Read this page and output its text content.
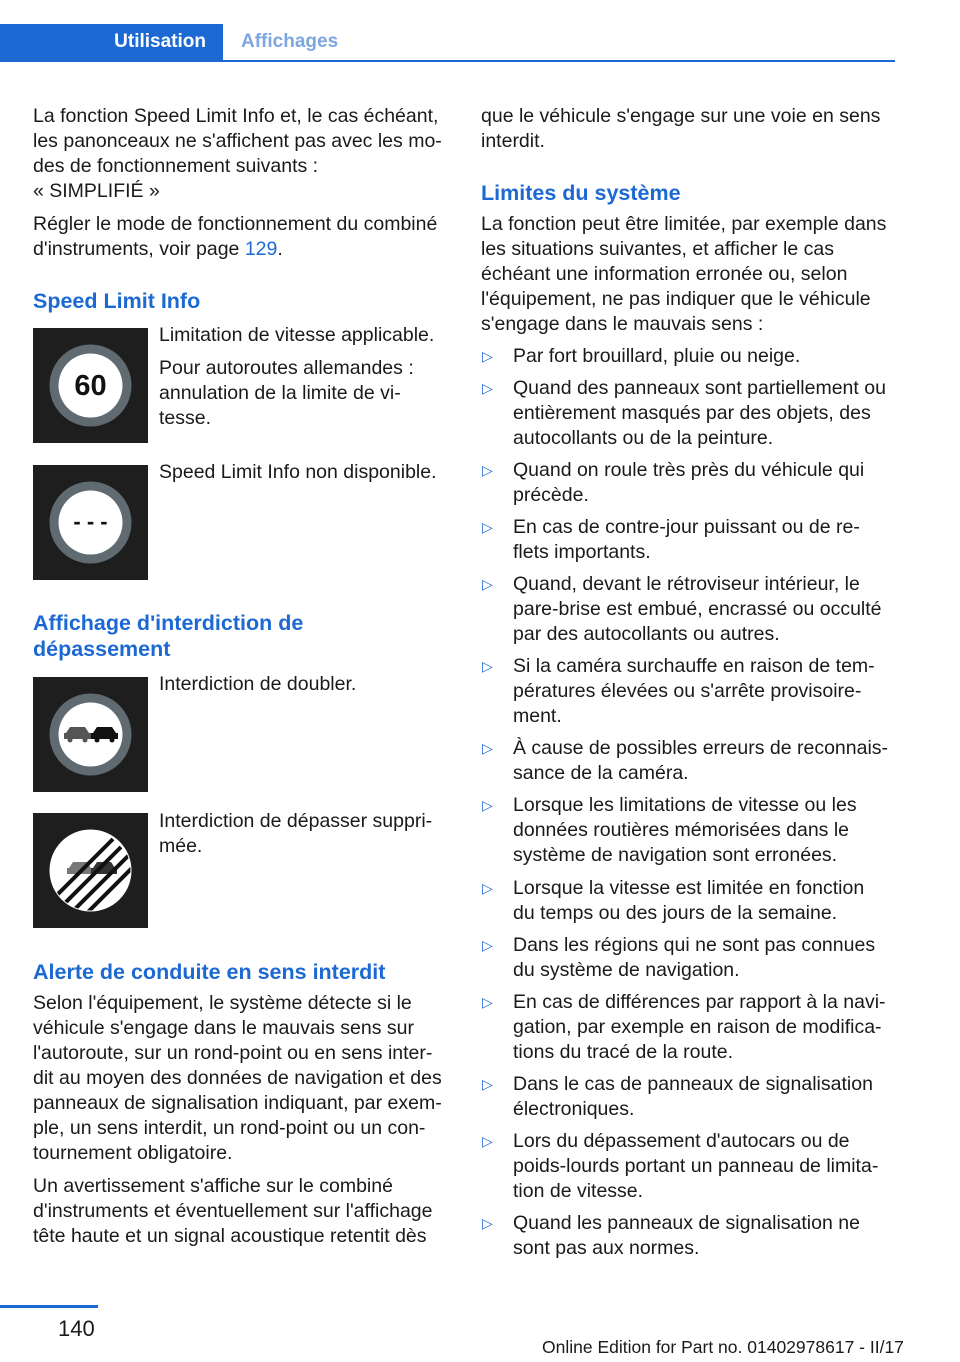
Utilisation	Affichages
La fonction Speed Limit Info et, le cas échéant,
les panonceaux ne s'affichent pas avec les mo-
des de fonctionnement suivants :
« SIMPLIFIÉ »
Régler le mode de fonctionnement du combiné
d'instruments, voir page 129.
Speed Limit Info
60
Limitation de vitesse applicable.
Pour autoroutes allemandes :
annulation de la limite de vi-
tesse.
- - -
Speed Limit Info non disponible.
Affichage d'interdiction de
dépassement
Interdiction de doubler.
Interdiction de dépasser suppri-
mée.
Alerte de conduite en sens interdit
Selon l'équipement, le système détecte si le
véhicule s'engage dans le mauvais sens sur
l'autoroute, sur un rond-point ou en sens inter-
dit au moyen des données de navigation et des
panneaux de signalisation indiquant, par exem-
ple, un sens interdit, un rond-point ou un con-
tournement obligatoire.
Un avertissement s'affiche sur le combiné
d'instruments et éventuellement sur l'affichage
tête haute et un signal acoustique retentit dès
que le véhicule s'engage sur une voie en sens
interdit.
Limites du système
La fonction peut être limitée, par exemple dans
les situations suivantes, et afficher le cas
échéant une information erronée ou, selon
l'équipement, ne pas indiquer que le véhicule
s'engage dans le mauvais sens :
▷ Par fort brouillard, pluie ou neige.
▷ Quand des panneaux sont partiellement ou
entièrement masqués par des objets, des
autocollants ou de la peinture.
▷ Quand on roule très près du véhicule qui
précède.
▷ En cas de contre-jour puissant ou de re-
flets importants.
▷ Quand, devant le rétroviseur intérieur, le
pare-brise est embué, encrassé ou occulté
par des autocollants ou autres.
▷ Si la caméra surchauffe en raison de tem-
pératures élevées ou s'arrête provisoire-
ment.
▷ À cause de possibles erreurs de reconnais-
sance de la caméra.
▷ Lorsque les limitations de vitesse ou les
données routières mémorisées dans le
système de navigation sont erronées.
▷ Lorsque la vitesse est limitée en fonction
du temps ou des jours de la semaine.
▷ Dans les régions qui ne sont pas connues
du système de navigation.
▷ En cas de différences par rapport à la navi-
gation, par exemple en raison de modifica-
tions du tracé de la route.
▷ Dans le cas de panneaux de signalisation
électroniques.
▷ Lors du dépassement d'autocars ou de
poids-lourds portant un panneau de limita-
tion de vitesse.
▷ Quand les panneaux de signalisation ne
sont pas aux normes.
140
Online Edition for Part no. 01402978617 - II/17
